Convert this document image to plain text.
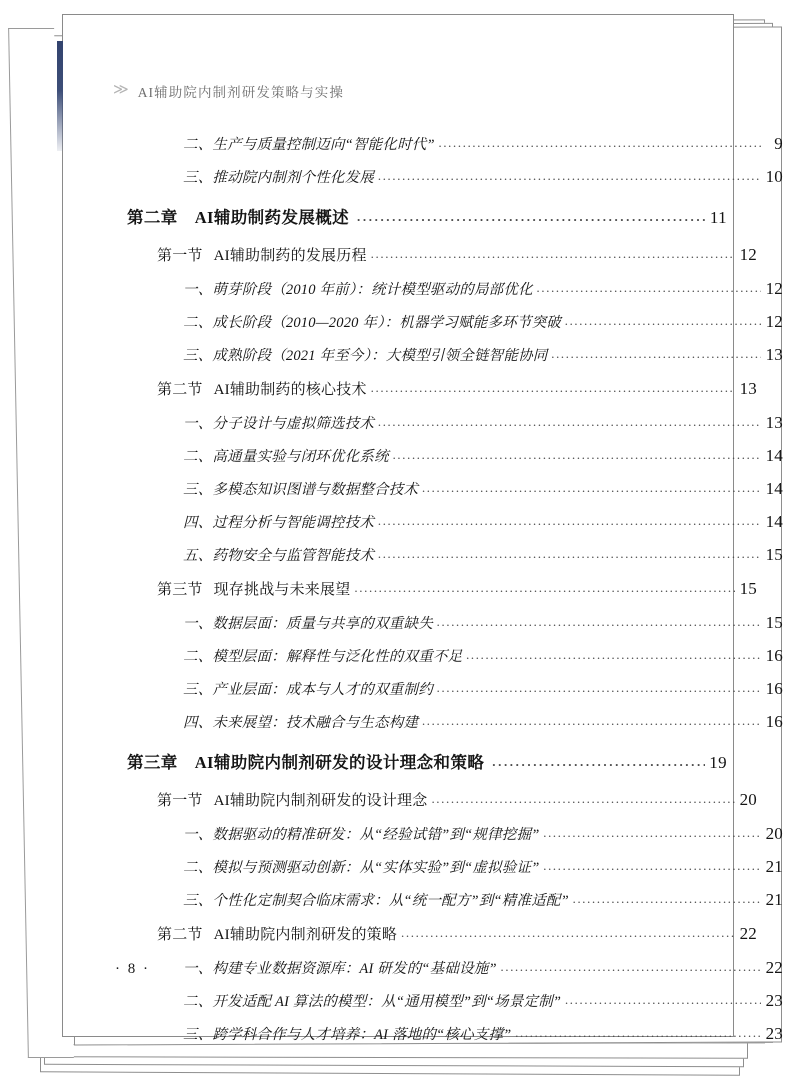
≫ AI辅助院内制剂研发策略与实操
二、生产与质量控制迈向“智能化时代” .....	9
三、推动院内制剂个性化发展 .....	10
第二章 AI辅助制药发展概述 .....	11
第一节 AI辅助制药的发展历程 .....	12
一、萌芽阶段（2010 年前）：统计模型驱动的局部优化 .....	12
二、成长阶段（2010—2020 年）：机器学习赋能多环节突破 .....	12
三、成熟阶段（2021 年至今）：大模型引领全链智能协同 .....	13
第二节 AI辅助制药的核心技术 .....	13
一、分子设计与虚拟筛选技术 .....	13
二、高通量实验与闭环优化系统 .....	14
三、多模态知识图谱与数据整合技术 .....	14
四、过程分析与智能调控技术 .....	14
五、药物安全与监管智能技术 .....	15
第三节 现存挑战与未来展望 .....	15
一、数据层面：质量与共享的双重缺失 .....	15
二、模型层面：解释性与泛化性的双重不足 .....	16
三、产业层面：成本与人才的双重制约 .....	16
四、未来展望：技术融合与生态构建 .....	16
第三章 AI辅助院内制剂研发的设计理念和策略 .....	19
第一节 AI辅助院内制剂研发的设计理念 .....	20
一、数据驱动的精准研发：从“经验试错”到“规律挖掘” .....	20
二、模拟与预测驱动创新：从“实体实验”到“虚拟验证” .....	21
三、个性化定制契合临床需求：从“统一配方”到“精准适配” .....	21
第二节 AI辅助院内制剂研发的策略 .....	22
一、构建专业数据资源库：AI 研发的“基础设施” .....	22
二、开发适配 AI 算法的模型：从“通用模型”到“场景定制” .....	23
三、跨学科合作与人才培养：AI 落地的“核心支撑” .....	23
· 8 ·
